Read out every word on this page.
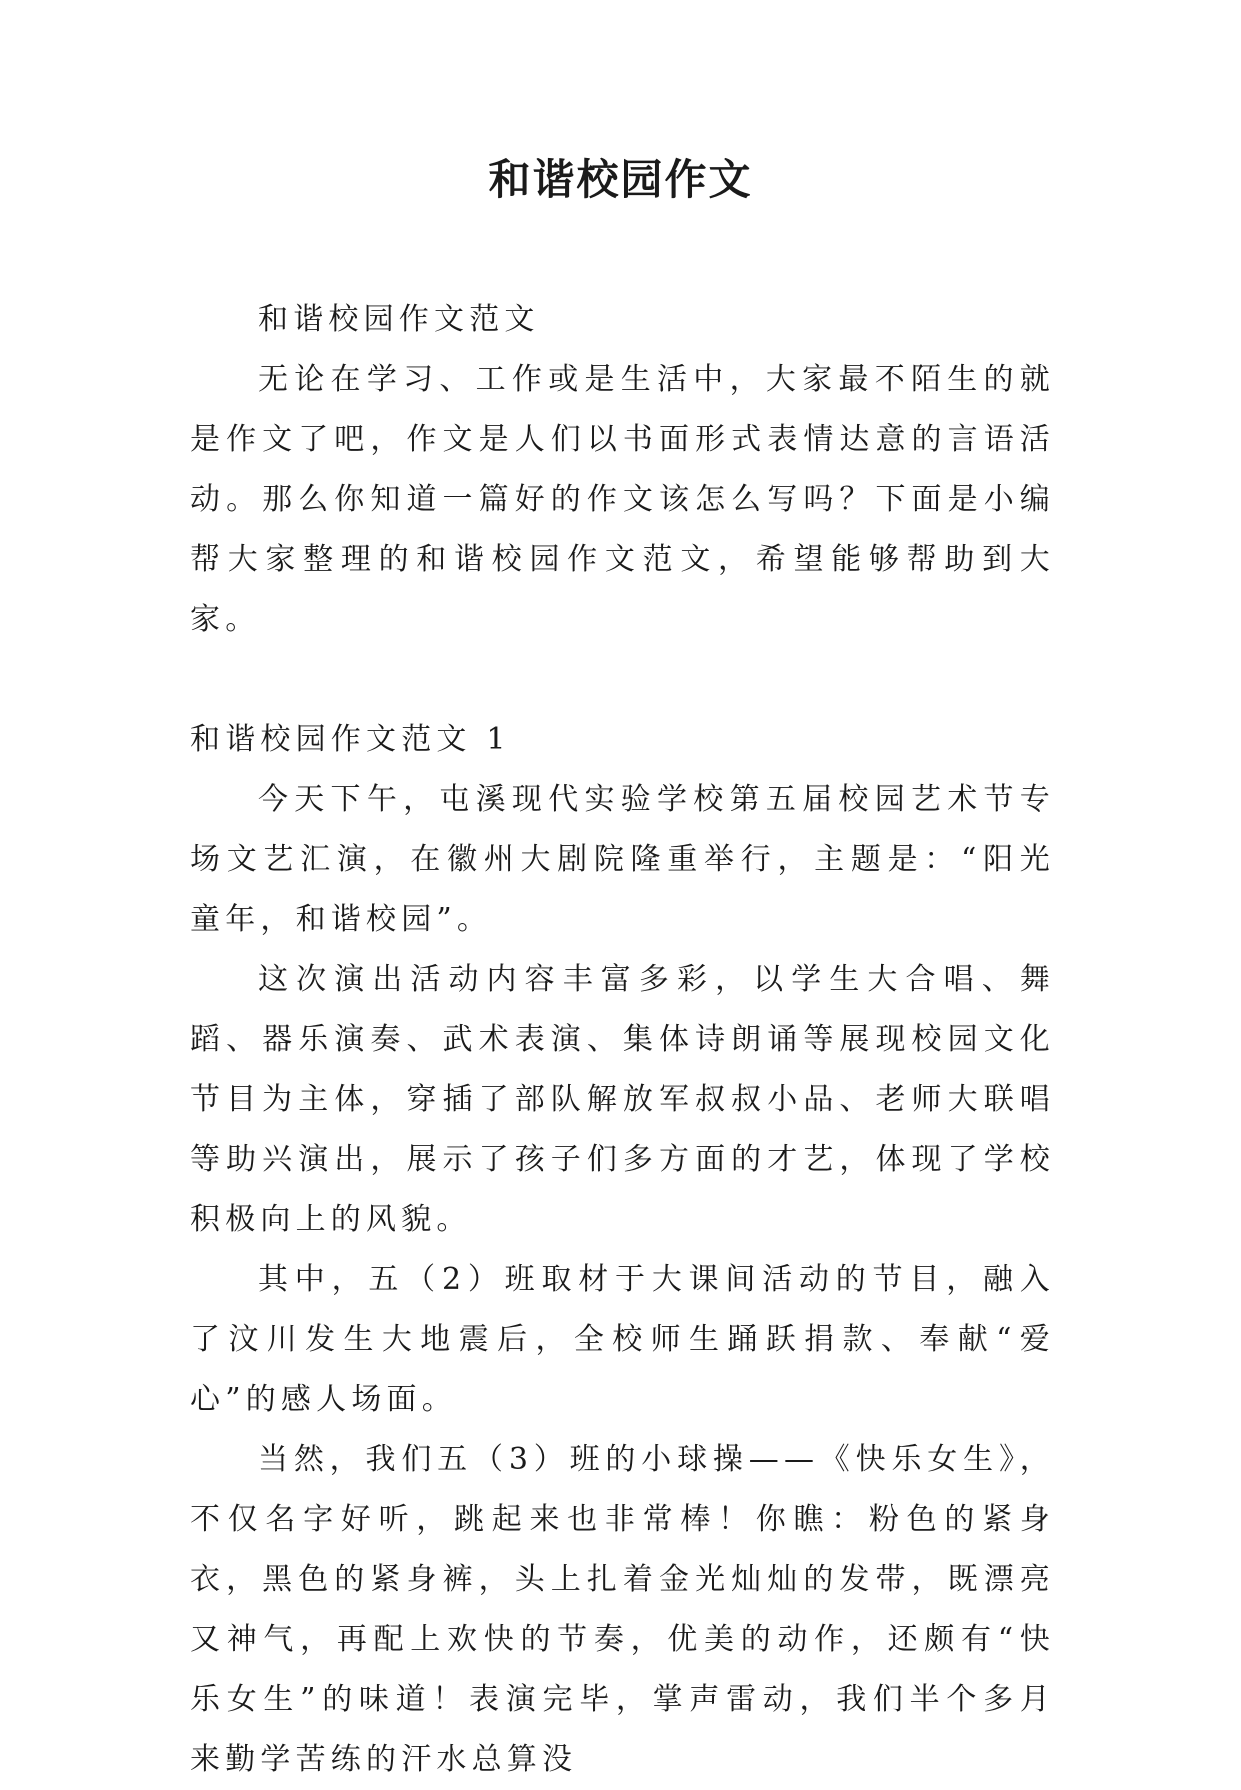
和谐校园作文

和谐校园作文范文

无论在学习、工作或是生活中，大家最不陌生的就是作文了吧，作文是人们以书面形式表情达意的言语活动。那么你知道一篇好的作文该怎么写吗？下面是小编帮大家整理的和谐校园作文范文，希望能够帮助到大家。

和谐校园作文范文 1

今天下午，屯溪现代实验学校第五届校园艺术节专场文艺汇演，在徽州大剧院隆重举行，主题是：“阳光童年，和谐校园”。

这次演出活动内容丰富多彩，以学生大合唱、舞蹈、器乐演奏、武术表演、集体诗朗诵等展现校园文化节目为主体，穿插了部队解放军叔叔小品、老师大联唱等助兴演出，展示了孩子们多方面的才艺，体现了学校积极向上的风貌。

其中，五（2）班取材于大课间活动的节目，融入了汶川发生大地震后，全校师生踊跃捐款、奉献“爱心”的感人场面。

当然，我们五（3）班的小球操——《快乐女生》，不仅名字好听，跳起来也非常棒！你瞧：粉色的紧身衣，黑色的紧身裤，头上扎着金光灿灿的发带，既漂亮又神气，再配上欢快的节奏，优美的动作，还颇有“快乐女生”的味道！表演完毕，掌声雷动，我们半个多月来勤学苦练的汗水总算没
